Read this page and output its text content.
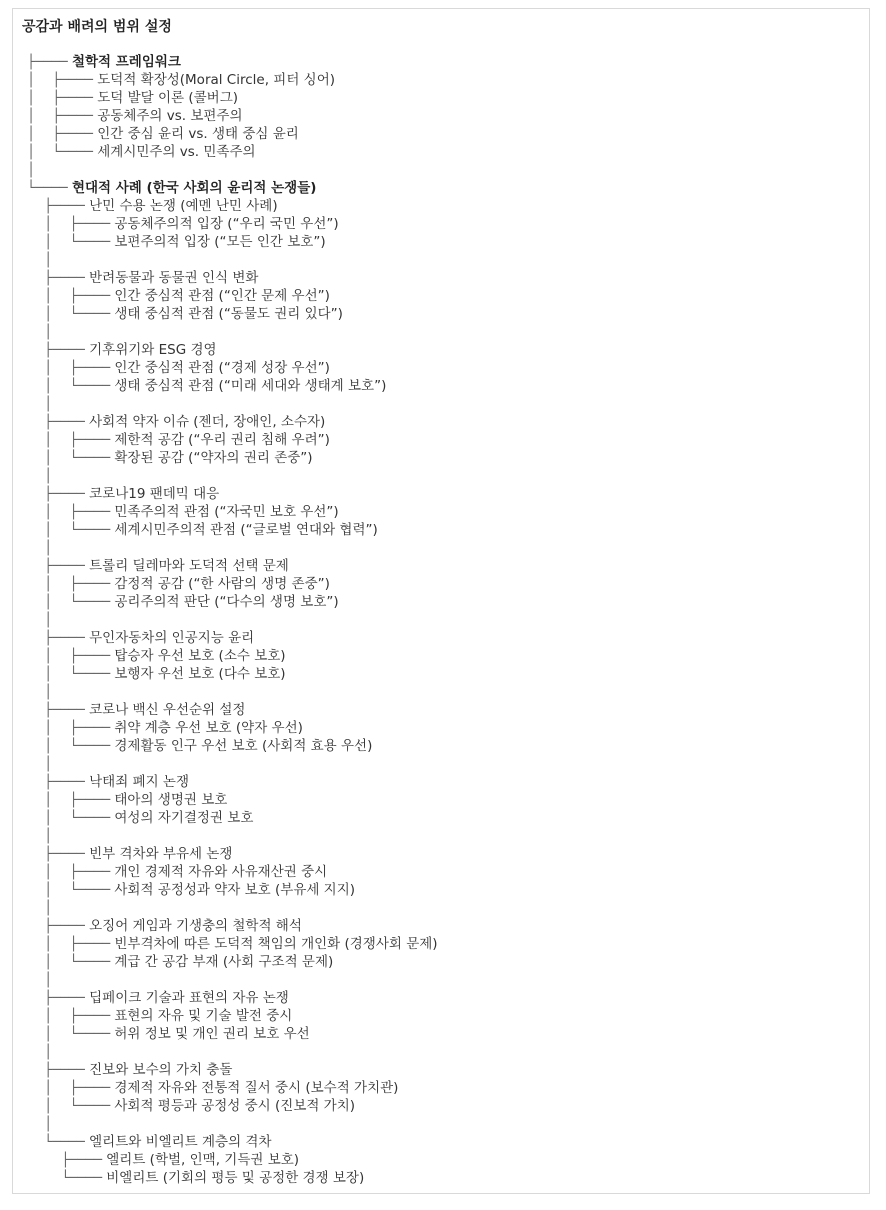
공감과 배려의 범위 설정
├──── 철학적 프레임워크
│    ├──── 도덕적 확장성(Moral Circle, 피터 싱어)
│    ├──── 도덕 발달 이론 (콜버그)
│    ├──── 공동체주의 vs. 보편주의
│    ├──── 인간 중심 윤리 vs. 생태 중심 윤리
│    └──── 세계시민주의 vs. 민족주의
│
└──── 현대적 사례 (한국 사회의 윤리적 논쟁들)
├──── 난민 수용 논쟁 (예멘 난민 사례)
│    ├──── 공동체주의적 입장 (“우리 국민 우선”)
│    └──── 보편주의적 입장 (“모든 인간 보호”)
│
├──── 반려동물과 동물권 인식 변화
│    ├──── 인간 중심적 관점 (“인간 문제 우선”)
│    └──── 생태 중심적 관점 (“동물도 권리 있다”)
│
├──── 기후위기와 ESG 경영
│    ├──── 인간 중심적 관점 (“경제 성장 우선”)
│    └──── 생태 중심적 관점 (“미래 세대와 생태계 보호”)
│
├──── 사회적 약자 이슈 (젠더, 장애인, 소수자)
│    ├──── 제한적 공감 (“우리 권리 침해 우려”)
│    └──── 확장된 공감 (“약자의 권리 존중”)
│
├──── 코로나19 팬데믹 대응
│    ├──── 민족주의적 관점 (“자국민 보호 우선”)
│    └──── 세계시민주의적 관점 (“글로벌 연대와 협력”)
│
├──── 트롤리 딜레마와 도덕적 선택 문제
│    ├──── 감정적 공감 (“한 사람의 생명 존중”)
│    └──── 공리주의적 판단 (“다수의 생명 보호”)
│
├──── 무인자동차의 인공지능 윤리
│    ├──── 탑승자 우선 보호 (소수 보호)
│    └──── 보행자 우선 보호 (다수 보호)
│
├──── 코로나 백신 우선순위 설정
│    ├──── 취약 계층 우선 보호 (약자 우선)
│    └──── 경제활동 인구 우선 보호 (사회적 효용 우선)
│
├──── 낙태죄 폐지 논쟁
│    ├──── 태아의 생명권 보호
│    └──── 여성의 자기결정권 보호
│
├──── 빈부 격차와 부유세 논쟁
│    ├──── 개인 경제적 자유와 사유재산권 중시
│    └──── 사회적 공정성과 약자 보호 (부유세 지지)
│
├──── 오징어 게임과 기생충의 철학적 해석
│    ├──── 빈부격차에 따른 도덕적 책임의 개인화 (경쟁사회 문제)
│    └──── 계급 간 공감 부재 (사회 구조적 문제)
│
├──── 딥페이크 기술과 표현의 자유 논쟁
│    ├──── 표현의 자유 및 기술 발전 중시
│    └──── 허위 정보 및 개인 권리 보호 우선
│
├──── 진보와 보수의 가치 충돌
│    ├──── 경제적 자유와 전통적 질서 중시 (보수적 가치관)
│    └──── 사회적 평등과 공정성 중시 (진보적 가치)
│
└──── 엘리트와 비엘리트 계층의 격차
├──── 엘리트 (학벌, 인맥, 기득권 보호)
└──── 비엘리트 (기회의 평등 및 공정한 경쟁 보장)
